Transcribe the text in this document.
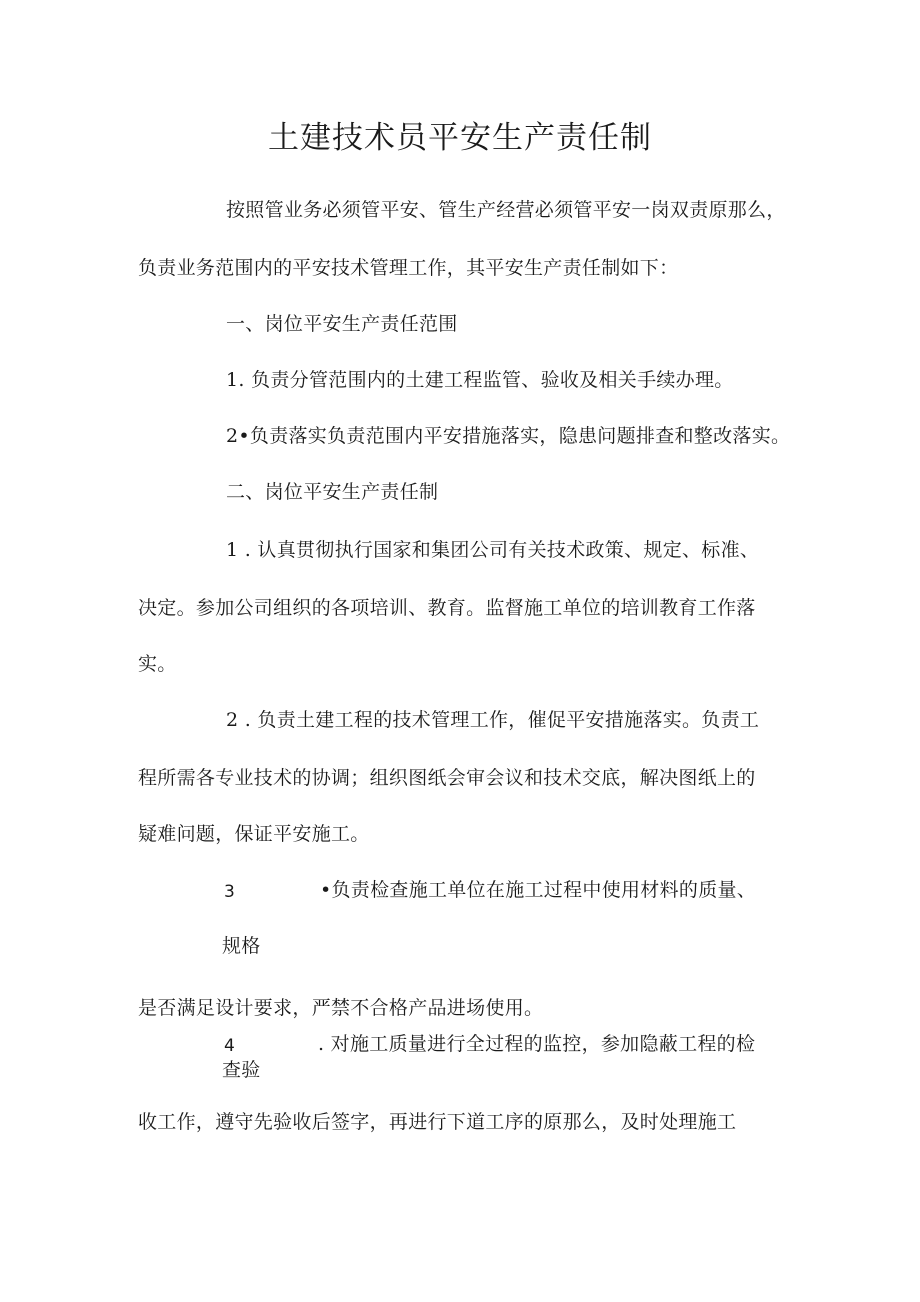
土建技术员平安生产责任制
按照管业务必须管平安、管生产经营必须管平安一岗双责原那么，
负责业务范围内的平安技术管理工作，其平安生产责任制如下：
一、岗位平安生产责任范围
1. 负责分管范围内的土建工程监管、验收及相关手续办理。
2•负责落实负责范围内平安措施落实，隐患问题排查和整改落实。
二、岗位平安生产责任制
1 . 认真贯彻执行国家和集团公司有关技术政策、规定、标准、
决定。参加公司组织的各项培训、教育。监督施工单位的培训教育工作落
实。
2 . 负责土建工程的技术管理工作，催促平安措施落实。负责工
程所需各专业技术的协调；组织图纸会审会议和技术交底，解决图纸上的
疑难问题，保证平安施工。
3	•负责检查施工单位在施工过程中使用材料的质量、
规格
是否满足设计要求，严禁不合格产品进场使用。
4	. 对施工质量进行全过程的监控，参加隐蔽工程的检
查验
收工作，遵守先验收后签字，再进行下道工序的原那么，及时处理施工
